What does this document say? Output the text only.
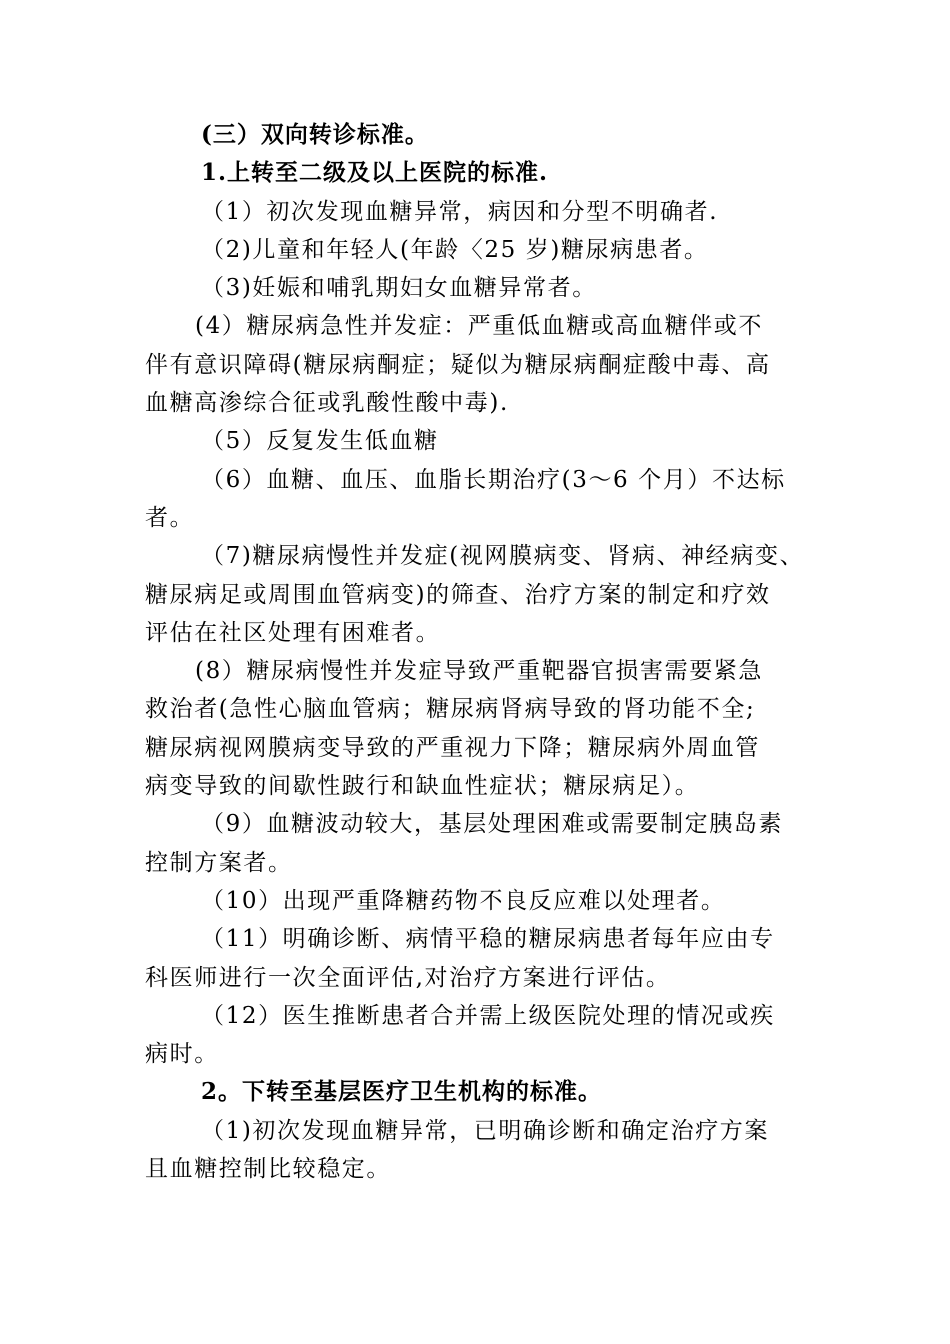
(三）双向转诊标准。
1.上转至二级及以上医院的标准.
（1）初次发现血糖异常，病因和分型不明确者.
（2)儿童和年轻人(年龄〈25 岁)糖尿病患者。
（3)妊娠和哺乳期妇女血糖异常者。
(4）糖尿病急性并发症：严重低血糖或高血糖伴或不
伴有意识障碍(糖尿病酮症；疑似为糖尿病酮症酸中毒、高
血糖高渗综合征或乳酸性酸中毒).
（5）反复发生低血糖
（6）血糖、血压、血脂长期治疗(3～6 个月）不达标
者。
（7)糖尿病慢性并发症(视网膜病变、肾病、神经病变、
糖尿病足或周围血管病变)的筛查、治疗方案的制定和疗效
评估在社区处理有困难者。
(8）糖尿病慢性并发症导致严重靶器官损害需要紧急
救治者(急性心脑血管病；糖尿病肾病导致的肾功能不全;
糖尿病视网膜病变导致的严重视力下降；糖尿病外周血管
病变导致的间歇性跛行和缺血性症状；糖尿病足）。
（9）血糖波动较大，基层处理困难或需要制定胰岛素
控制方案者。
（10）出现严重降糖药物不良反应难以处理者。
（11）明确诊断、病情平稳的糖尿病患者每年应由专
科医师进行一次全面评估,对治疗方案进行评估。
（12）医生推断患者合并需上级医院处理的情况或疾
病时。
2。下转至基层医疗卫生机构的标准。
（1)初次发现血糖异常，已明确诊断和确定治疗方案
且血糖控制比较稳定。
